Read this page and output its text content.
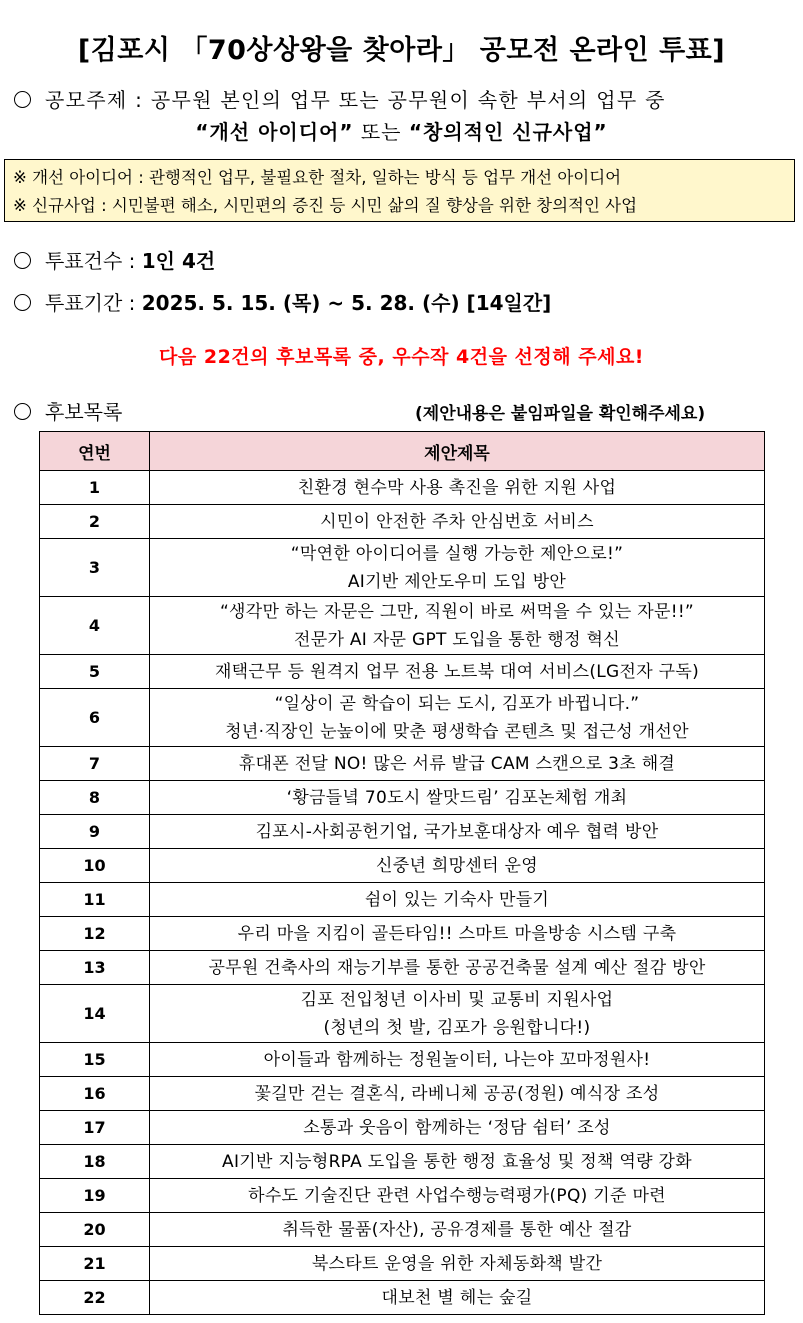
[김포시 「70상상왕을 찾아라」 공모전 온라인 투표]
공모주제 : 공무원 본인의 업무 또는 공무원이 속한 부서의 업무 중
“개선 아이디어” 또는 “창의적인 신규사업”
※ 개선 아이디어 : 관행적인 업무, 불필요한 절차, 일하는 방식 등 업무 개선 아이디어
※ 신규사업 : 시민불편 해소, 시민편의 증진 등 시민 삶의 질 향상을 위한 창의적인 사업
투표건수 : 1인 4건
투표기간 : 2025. 5. 15. (목) ~ 5. 28. (수) [14일간]
다음 22건의 후보목록 중, 우수작 4건을 선정해 주세요!
후보목록	(제안내용은 붙임파일을 확인해주세요)
연번	제안제목
1	친환경 현수막 사용 촉진을 위한 지원 사업

2	시민이 안전한 주차 안심번호 서비스

3	“막연한 아이디어를 실행 가능한 제안으로!”
AI기반 제안도우미 도입 방안

4	“생각만 하는 자문은 그만, 직원이 바로 써먹을 수 있는 자문!!”
전문가 AI 자문 GPT 도입을 통한 행정 혁신

5	재택근무 등 원격지 업무 전용 노트북 대여 서비스(LG전자 구독)

6	“일상이 곧 학습이 되는 도시, 김포가 바뀝니다.”
청년·직장인 눈높이에 맞춘 평생학습 콘텐츠 및 접근성 개선안

7	휴대폰 전달 NO! 많은 서류 발급 CAM 스캔으로 3초 해결

8	‘황금들녘 70도시 쌀맛드림’ 김포논체험 개최

9	김포시-사회공헌기업, 국가보훈대상자 예우 협력 방안

10	신중년 희망센터 운영

11	쉼이 있는 기숙사 만들기

12	우리 마을 지킴이 골든타임!! 스마트 마을방송 시스템 구축

13	공무원 건축사의 재능기부를 통한 공공건축물 설계 예산 절감 방안

14	김포 전입청년 이사비 및 교통비 지원사업
(청년의 첫 발, 김포가 응원합니다!)

15	아이들과 함께하는 정원놀이터, 나는야 꼬마정원사!

16	꽃길만 걷는 결혼식, 라베니체 공공(정원) 예식장 조성

17	소통과 웃음이 함께하는 ‘정담 쉼터’ 조성

18	AI기반 지능형RPA 도입을 통한 행정 효율성 및 정책 역량 강화

19	하수도 기술진단 관련 사업수행능력평가(PQ) 기준 마련

20	취득한 물품(자산), 공유경제를 통한 예산 절감

21	북스타트 운영을 위한 자체동화책 발간

22	대보천 별 헤는 숲길
